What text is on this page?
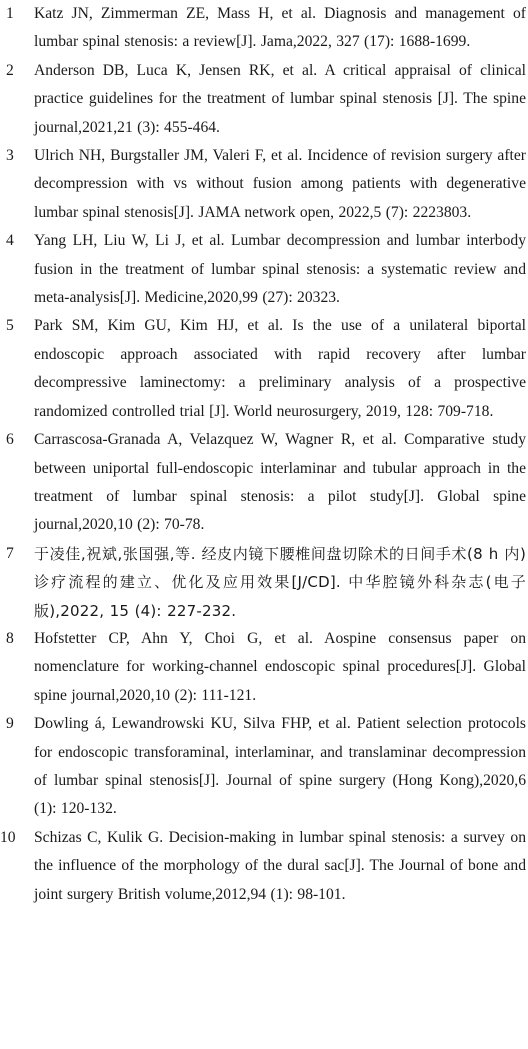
1	Katz JN, Zimmerman ZE, Mass H, et al. Diagnosis and management of lumbar spinal stenosis: a review[J]. Jama,2022, 327 (17): 1688-1699.
2	Anderson DB, Luca K, Jensen RK, et al. A critical appraisal of clinical practice guidelines for the treatment of lumbar spinal stenosis [J]. The spine journal,2021,21 (3): 455-464.
3	Ulrich NH, Burgstaller JM, Valeri F, et al. Incidence of revision surgery after decompression with vs without fusion among patients with degenerative lumbar spinal stenosis[J]. JAMA network open, 2022,5 (7): 2223803.
4	Yang LH, Liu W, Li J, et al. Lumbar decompression and lumbar interbody fusion in the treatment of lumbar spinal stenosis: a systematic review and meta-analysis[J]. Medicine,2020,99 (27): 20323.
5	Park SM, Kim GU, Kim HJ, et al. Is the use of a unilateral biportal endoscopic approach associated with rapid recovery after lumbar decompressive laminectomy: a preliminary analysis of a prospective randomized controlled trial [J]. World neurosurgery, 2019, 128: 709-718.
6	Carrascosa-Granada A, Velazquez W, Wagner R, et al. Comparative study between uniportal full-endoscopic interlaminar and tubular approach in the treatment of lumbar spinal stenosis: a pilot study[J]. Global spine journal,2020,10 (2): 70-78.
7	于凌佳,祝斌,张国强,等. 经皮内镜下腰椎间盘切除术的日间手术(8 h 内)诊疗流程的建立、优化及应用效果[J/CD]. 中华腔镜外科杂志(电子版),2022, 15 (4): 227-232.
8	Hofstetter CP, Ahn Y, Choi G, et al. Aospine consensus paper on nomenclature for working-channel endoscopic spinal procedures[J]. Global spine journal,2020,10 (2): 111-121.
9	Dowling á, Lewandrowski KU, Silva FHP, et al. Patient selection protocols for endoscopic transforaminal, interlaminar, and translaminar decompression of lumbar spinal stenosis[J]. Journal of spine surgery (Hong Kong),2020,6 (1): 120-132.
10	Schizas C, Kulik G. Decision-making in lumbar spinal stenosis: a survey on the influence of the morphology of the dural sac[J]. The Journal of bone and joint surgery British volume,2012,94 (1): 98-101.
